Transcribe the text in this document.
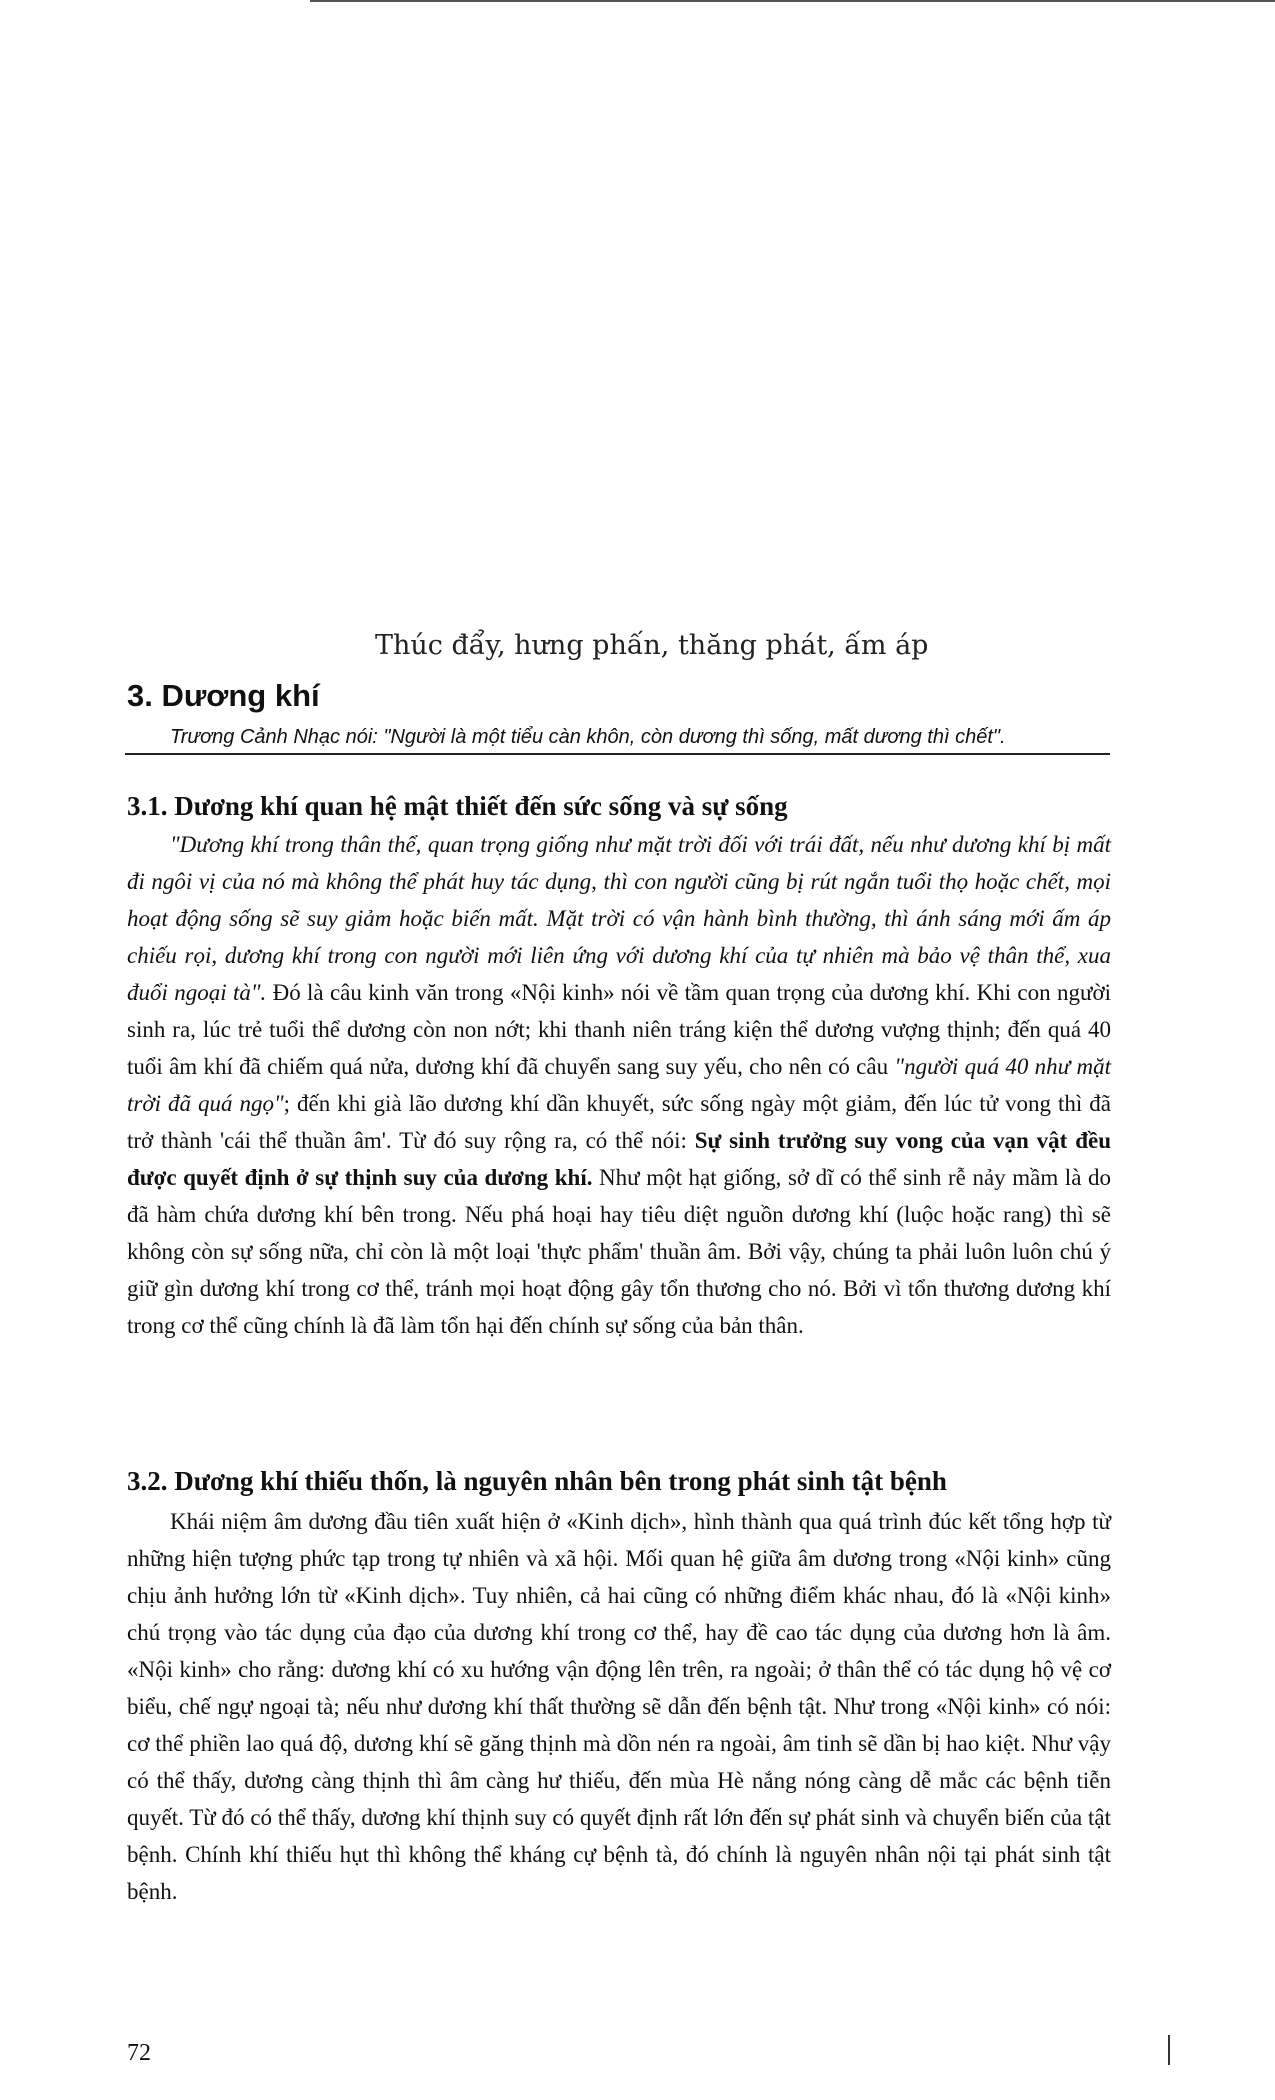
Thúc đẩy, hưng phấn, thăng phát, ấm áp
3. Dương khí
Trương Cảnh Nhạc nói: "Người là một tiểu càn khôn, còn dương thì sống, mất dương thì chết".
3.1. Dương khí quan hệ mật thiết đến sức sống và sự sống
"Dương khí trong thân thể, quan trọng giống như mặt trời đối với trái đất, nếu như dương khí bị mất đi ngôi vị của nó mà không thể phát huy tác dụng, thì con người cũng bị rút ngắn tuổi thọ hoặc chết, mọi hoạt động sống sẽ suy giảm hoặc biến mất. Mặt trời có vận hành bình thường, thì ánh sáng mới ấm áp chiếu rọi, dương khí trong con người mới liên ứng với dương khí của tự nhiên mà bảo vệ thân thể, xua đuổi ngoại tà". Đó là câu kinh văn trong «Nội kinh» nói về tầm quan trọng của dương khí. Khi con người sinh ra, lúc trẻ tuổi thể dương còn non nớt; khi thanh niên tráng kiện thể dương vượng thịnh; đến quá 40 tuổi âm khí đã chiếm quá nửa, dương khí đã chuyển sang suy yếu, cho nên có câu "người quá 40 như mặt trời đã quá ngọ"; đến khi già lão dương khí dần khuyết, sức sống ngày một giảm, đến lúc tử vong thì đã trở thành 'cái thể thuần âm'. Từ đó suy rộng ra, có thể nói: Sự sinh trưởng suy vong của vạn vật đều được quyết định ở sự thịnh suy của dương khí. Như một hạt giống, sở dĩ có thể sinh rễ nảy mầm là do đã hàm chứa dương khí bên trong. Nếu phá hoại hay tiêu diệt nguồn dương khí (luộc hoặc rang) thì sẽ không còn sự sống nữa, chỉ còn là một loại 'thực phẩm' thuần âm. Bởi vậy, chúng ta phải luôn luôn chú ý giữ gìn dương khí trong cơ thể, tránh mọi hoạt động gây tổn thương cho nó. Bởi vì tổn thương dương khí trong cơ thể cũng chính là đã làm tổn hại đến chính sự sống của bản thân.
3.2. Dương khí thiếu thốn, là nguyên nhân bên trong phát sinh tật bệnh
Khái niệm âm dương đầu tiên xuất hiện ở «Kinh dịch», hình thành qua quá trình đúc kết tổng hợp từ những hiện tượng phức tạp trong tự nhiên và xã hội. Mối quan hệ giữa âm dương trong «Nội kinh» cũng chịu ảnh hưởng lớn từ «Kinh dịch». Tuy nhiên, cả hai cũng có những điểm khác nhau, đó là «Nội kinh» chú trọng vào tác dụng của đạo của dương khí trong cơ thể, hay đề cao tác dụng của dương hơn là âm. «Nội kinh» cho rằng: dương khí có xu hướng vận động lên trên, ra ngoài; ở thân thể có tác dụng hộ vệ cơ biểu, chế ngự ngoại tà; nếu như dương khí thất thường sẽ dẫn đến bệnh tật. Như trong «Nội kinh» có nói: cơ thể phiền lao quá độ, dương khí sẽ găng thịnh mà dồn nén ra ngoài, âm tinh sẽ dần bị hao kiệt. Như vậy có thể thấy, dương càng thịnh thì âm càng hư thiếu, đến mùa Hè nắng nóng càng dễ mắc các bệnh tiễn quyết. Từ đó có thể thấy, dương khí thịnh suy có quyết định rất lớn đến sự phát sinh và chuyển biến của tật bệnh. Chính khí thiếu hụt thì không thể kháng cự bệnh tà, đó chính là nguyên nhân nội tại phát sinh tật bệnh.
72
